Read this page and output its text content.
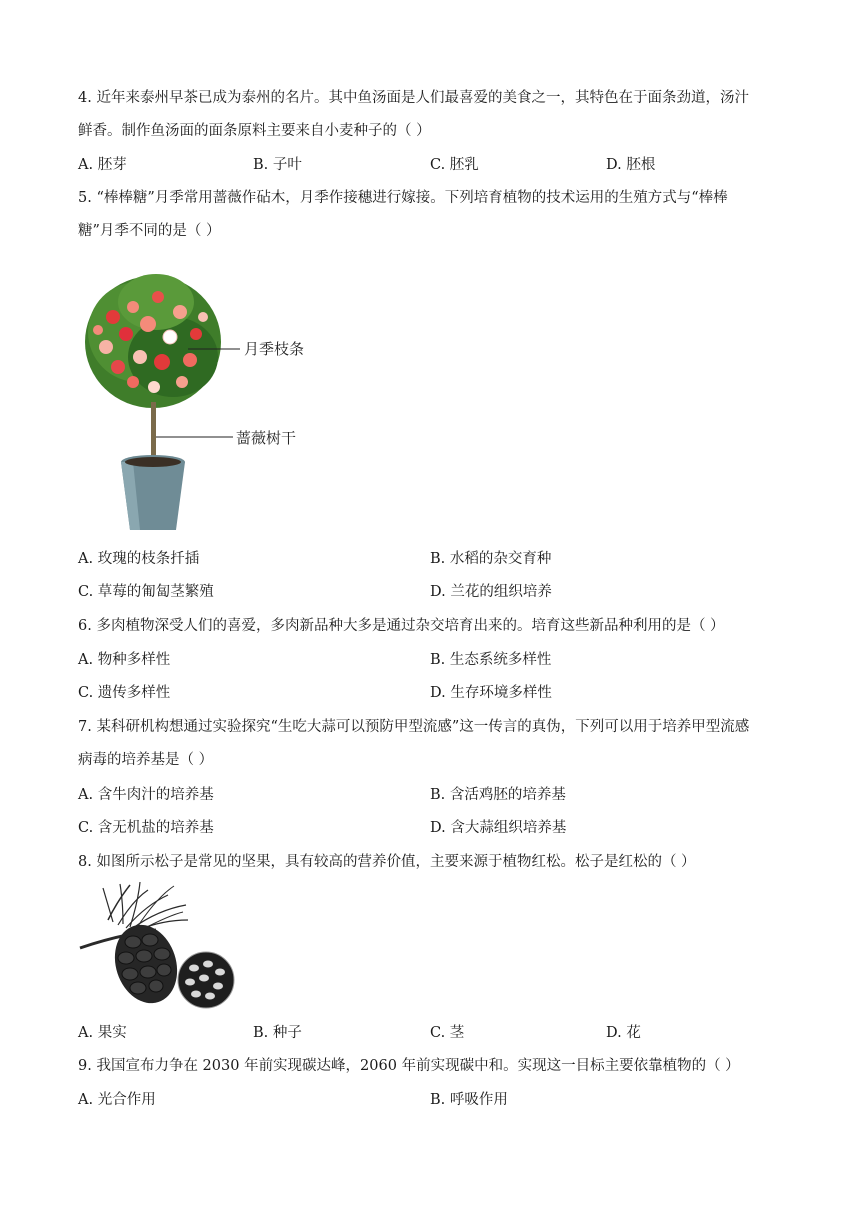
4. 近年来泰州早茶已成为泰州的名片。其中鱼汤面是人们最喜爱的美食之一，其特色在于面条劲道，汤汁
鲜香。制作鱼汤面的面条原料主要来自小麦种子的（ ）
A. 胚芽	B. 子叶	C. 胚乳	D. 胚根
5. “棒棒糖”月季常用蔷薇作砧木，月季作接穗进行嫁接。下列培育植物的技术运用的生殖方式与“棒棒
糖”月季不同的是（ ）
月季枝条
蔷薇树干
A. 玫瑰的枝条扦插	B. 水稻的杂交育种
C. 草莓的匍匐茎繁殖	D. 兰花的组织培养
6. 多肉植物深受人们的喜爱，多肉新品种大多是通过杂交培育出来的。培育这些新品种利用的是（ ）
A. 物种多样性	B. 生态系统多样性
C. 遗传多样性	D. 生存环境多样性
7. 某科研机构想通过实验探究“生吃大蒜可以预防甲型流感”这一传言的真伪，下列可以用于培养甲型流感
病毒的培养基是（ ）
A. 含牛肉汁的培养基	B. 含活鸡胚的培养基
C. 含无机盐的培养基	D. 含大蒜组织培养基
8. 如图所示松子是常见的坚果，具有较高的营养价值，主要来源于植物红松。松子是红松的（ ）
A. 果实	B. 种子	C. 茎	D. 花
9. 我国宣布力争在 2030 年前实现碳达峰，2060 年前实现碳中和。实现这一目标主要依靠植物的（ ）
A. 光合作用	B. 呼吸作用
